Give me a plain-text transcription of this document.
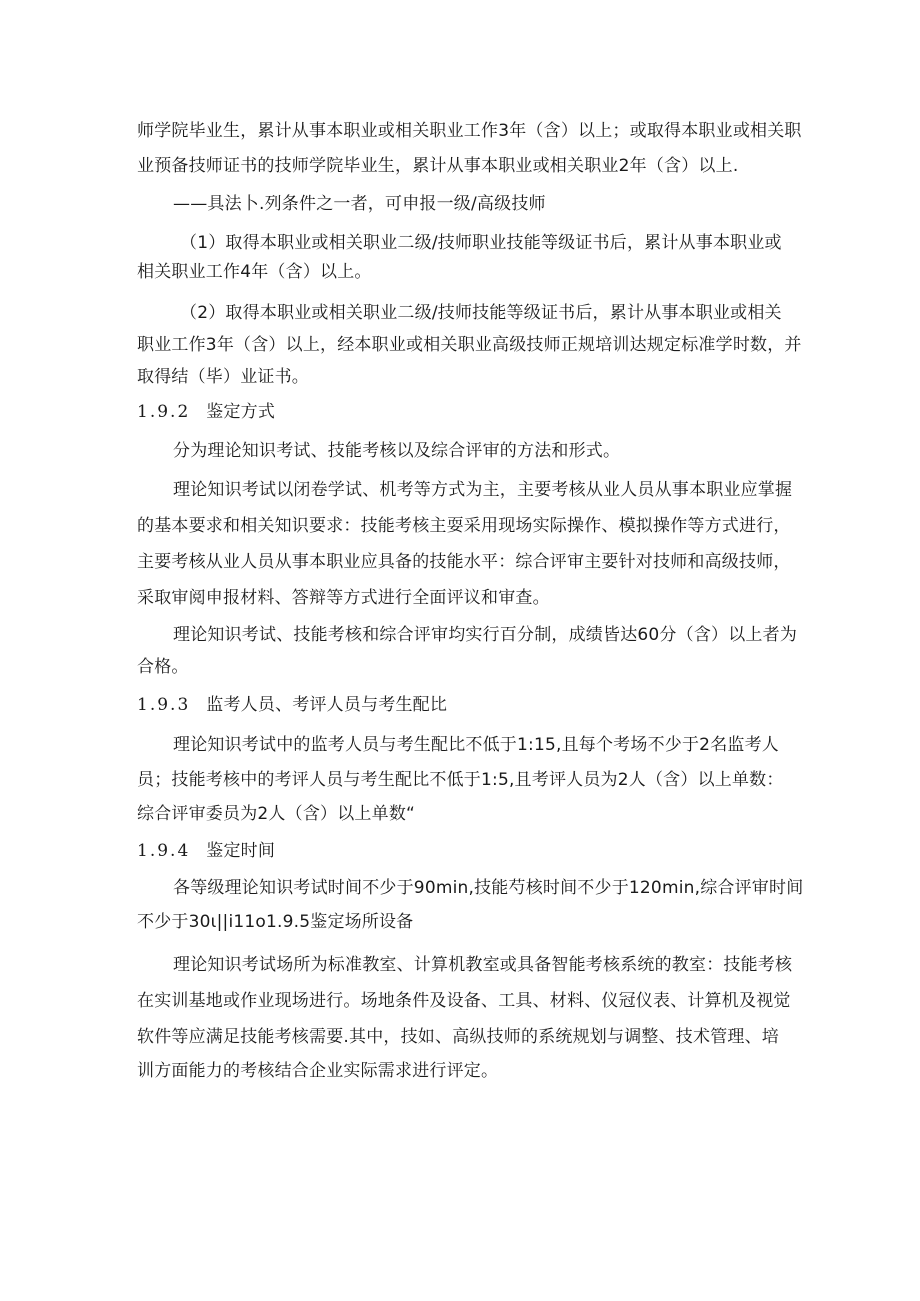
师学院毕业生，累计从事本职业或相关职业工作3年（含）以上；或取得本职业或相关职
业预备技师证书的技师学院毕业生，累计从事本职业或相关职业2年（含）以上.
——具法卜.列条件之一者，可申报一级/高级技师
（1）取得本职业或相关职业二级/技师职业技能等级证书后，累计从事本职业或
相关职业工作4年（含）以上。
（2）取得本职业或相关职业二级/技师技能等级证书后，累计从事本职业或相关
职业工作3年（含）以上，经本职业或相关职业高级技师正规培训达规定标准学时数，并
取得结（毕）业证书。
1.9.2 鉴定方式
分为理论知识考试、技能考核以及综合评审的方法和形式。
理论知识考试以闭卷学试、机考等方式为主，主要考核从业人员从事本职业应掌握
的基本要求和相关知识要求：技能考核主耍采用现场实际操作、模拟操作等方式进行，
主要考核从业人员从事本职业应具备的技能水平：综合评审主要针对技师和高级技师，
采取审阅申报材料、答辩等方式进行全面评议和审查。
理论知识考试、技能考核和综合评审均实行百分制，成绩皆达60分（含）以上者为
合格。
1.9.3 监考人员、考评人员与考生配比
理论知识考试中的监考人员与考生配比不低于1:15,且每个考场不少于2名监考人
员；技能考核中的考评人员与考生配比不低于1:5,且考评人员为2人（含）以上单数：
综合评审委员为2人（含）以上单数“
1.9.4 鉴定时间
各等级理论知识考试时间不少于90min,技能芍核时间不少于120min,综合评审时间
不少于30ι||i11o1.9.5鉴定场所设备
理论知识考试场所为标准教室、计算机教室或具备智能考核系统的教室：技能考核
在实训基地或作业现场进行。场地条件及设备、工具、材料、仪冠仪表、计算机及视觉
软件等应满足技能考核需要.其中，技如、高纵技师的系统规划与调整、技术管理、培
训方面能力的考核结合企业实际需求进行评定。
